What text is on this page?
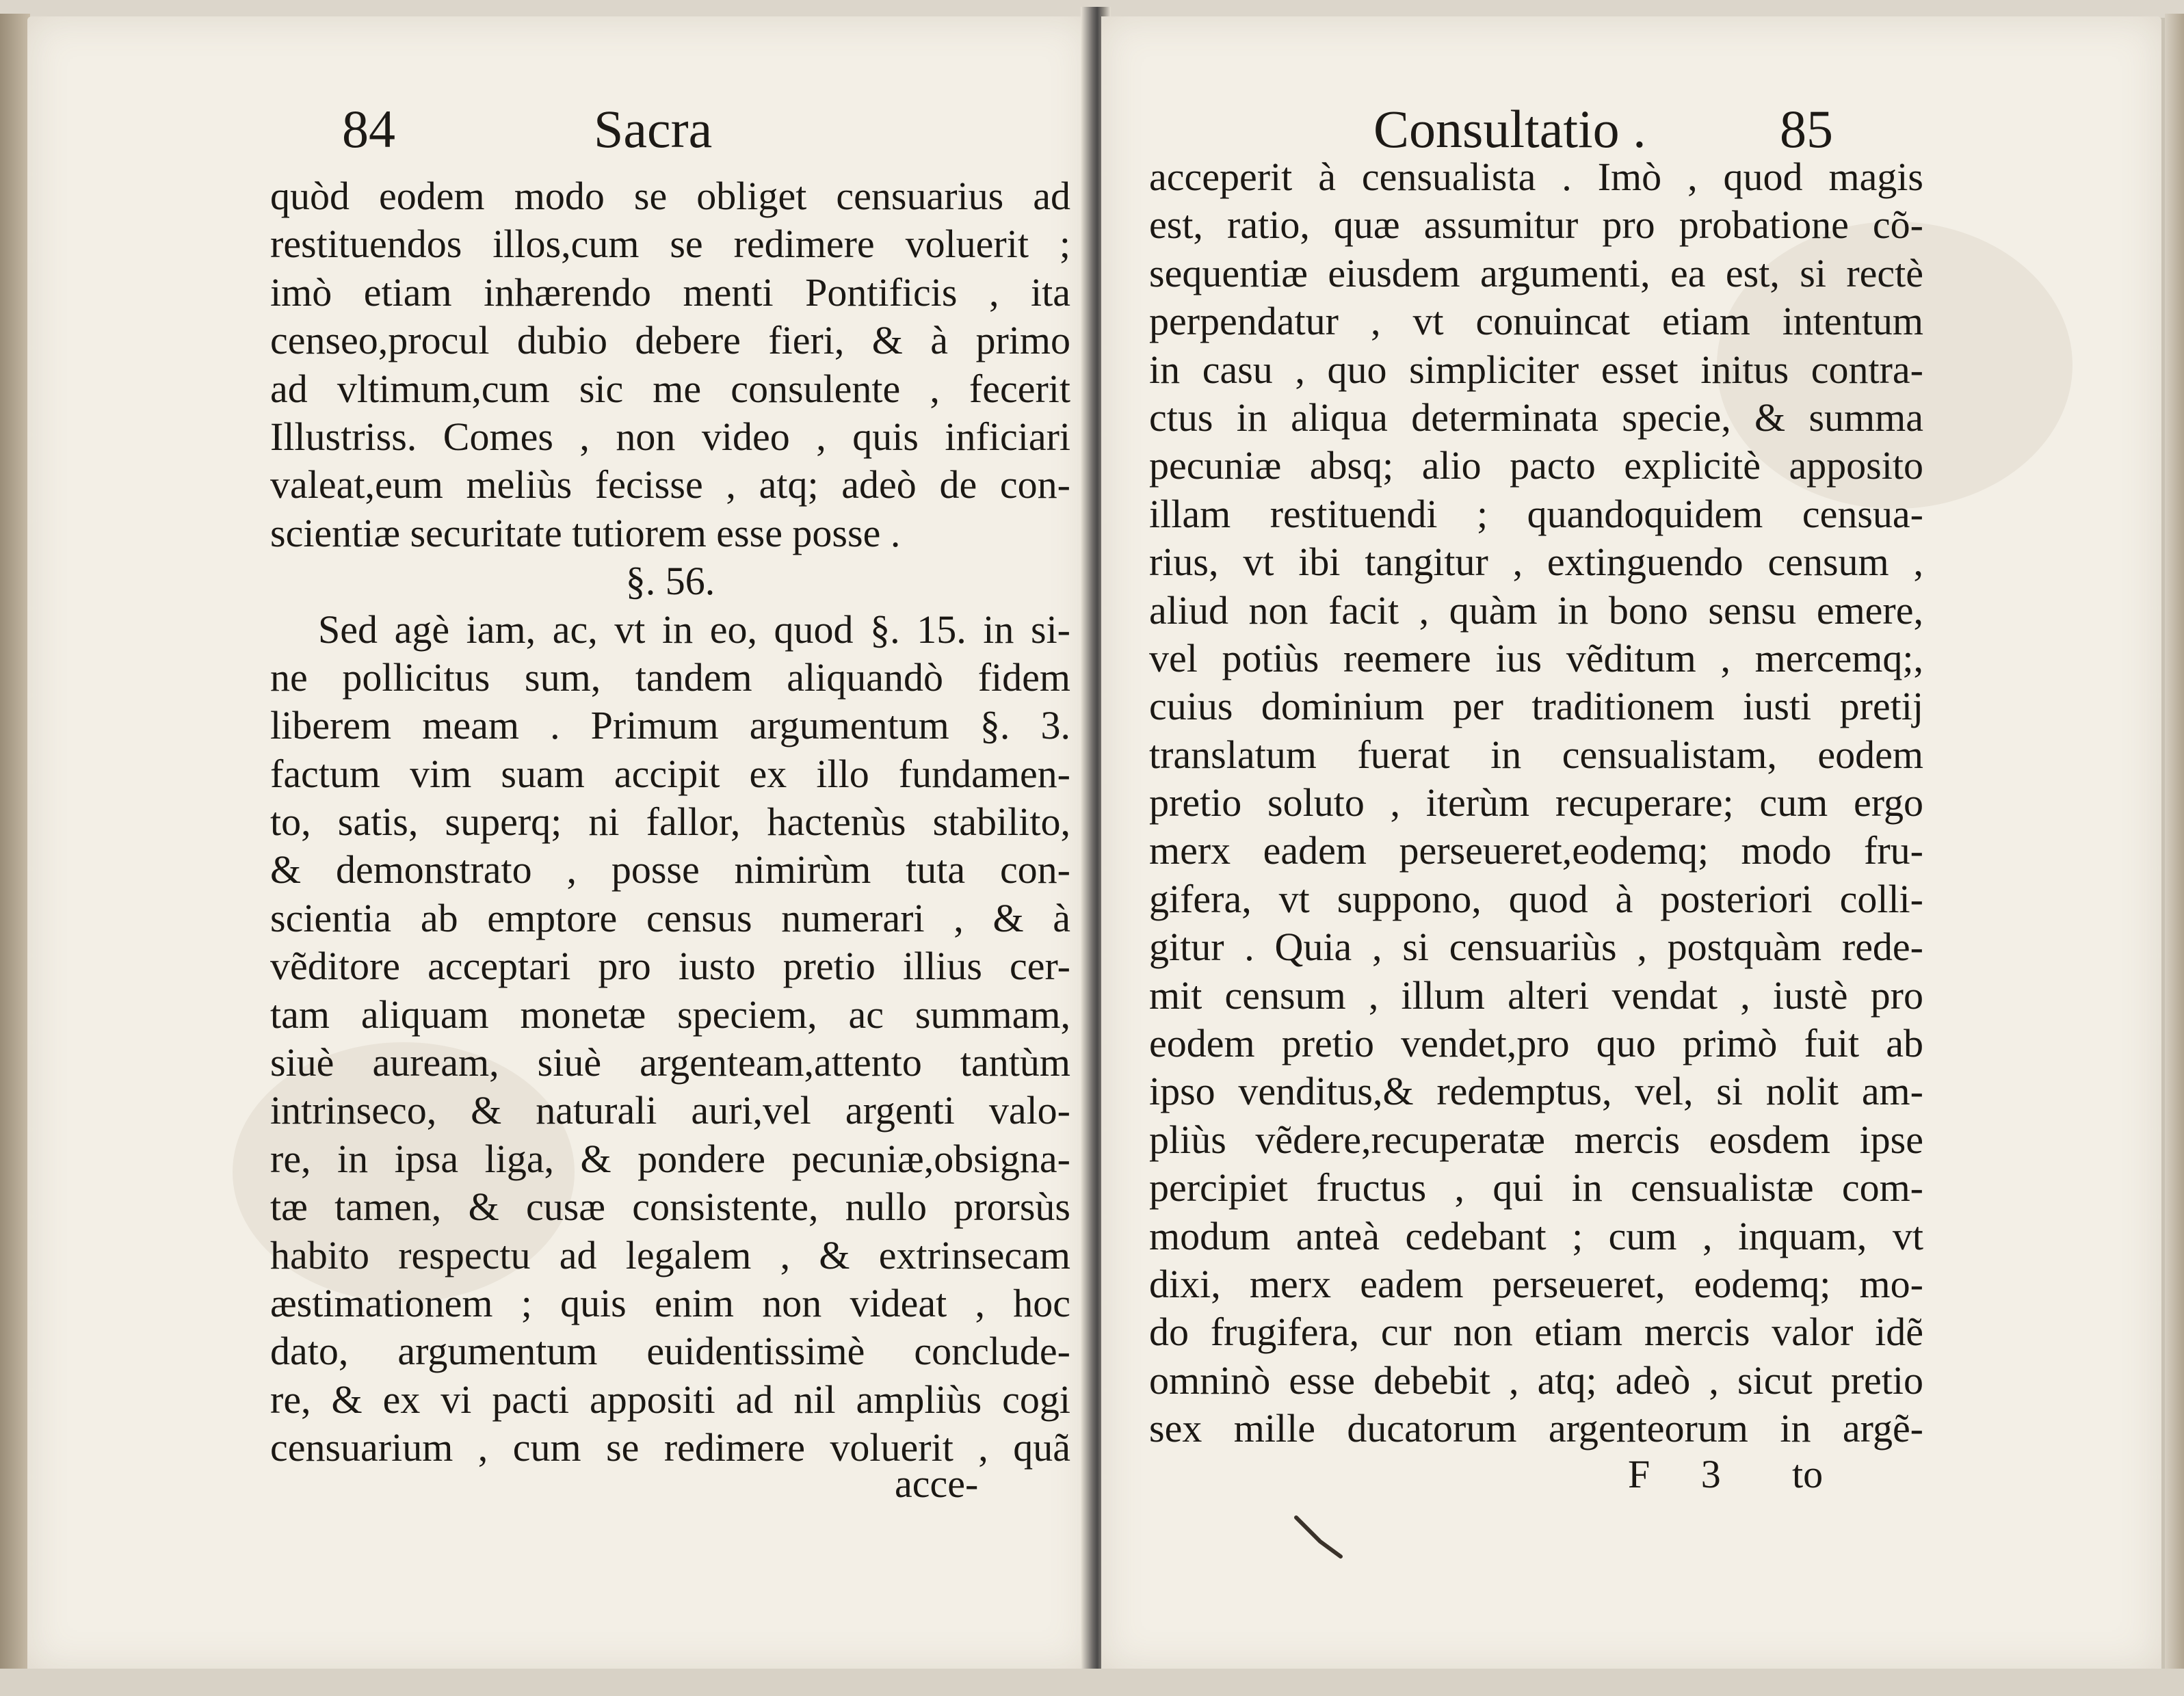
84	Sacra
quòd eodem modo se obliget censuarius ad
restituendos illos,cum se redimere voluerit ;
imò etiam inhærendo menti Pontificis , ita
censeo,procul dubio debere fieri, & à primo
ad vltimum,cum sic me consulente , fecerit
Illustriss. Comes , non video , quis inficiari
valeat,eum meliùs fecisse , atq; adeò de con-
scientiæ securitate tutiorem esse posse .
§. 56.
Sed agè iam, ac, vt in eo, quod §. 15. in si-
ne pollicitus sum, tandem aliquandò fidem
liberem meam . Primum argumentum §. 3.
factum vim suam accipit ex illo fundamen-
to, satis, superq; ni fallor, hactenùs stabilito,
& demonstrato , posse nimirùm tuta con-
scientia ab emptore census numerari , & à
vẽditore acceptari pro iusto pretio illius cer-
tam aliquam monetæ speciem, ac summam,
siuè auream, siuè argenteam,attento tantùm
intrinseco, & naturali auri,vel argenti valo-
re, in ipsa liga, & pondere pecuniæ,obsigna-
tæ tamen, & cusæ consistente, nullo prorsùs
habito respectu ad legalem , & extrinsecam
æstimationem ; quis enim non videat , hoc
dato, argumentum euidentissimè conclude-
re, & ex vi pacti appositi ad nil ampliùs cogi
censuarium , cum se redimere voluerit , quã
acce-
Consultatio .	85
acceperit à censualista . Imò , quod magis
est, ratio, quæ assumitur pro probatione cõ-
sequentiæ eiusdem argumenti, ea est, si rectè
perpendatur , vt conuincat etiam intentum
in casu , quo simpliciter esset initus contra-
ctus in aliqua determinata specie, & summa
pecuniæ absq; alio pacto explicitè apposito
illam restituendi ; quandoquidem censua-
rius, vt ibi tangitur , extinguendo censum ,
aliud non facit , quàm in bono sensu emere,
vel potiùs reemere ius vẽditum , mercemq;,
cuius dominium per traditionem iusti pretij
translatum fuerat in censualistam, eodem
pretio soluto , iterùm recuperare; cum ergo
merx eadem perseueret,eodemq; modo fru-
gifera, vt suppono, quod à posteriori colli-
gitur . Quia , si censuariùs , postquàm rede-
mit censum , illum alteri vendat , iustè pro
eodem pretio vendet,pro quo primò fuit ab
ipso venditus,& redemptus, vel, si nolit am-
pliùs vẽdere,recuperatæ mercis eosdem ipse
percipiet fructus , qui in censualistæ com-
modum anteà cedebant ; cum , inquam, vt
dixi, merx eadem perseueret, eodemq; mo-
do frugifera, cur non etiam mercis valor idẽ
omninò esse debebit , atq; adeò , sicut pretio
sex mille ducatorum argenteorum in argẽ-
F 3 to
